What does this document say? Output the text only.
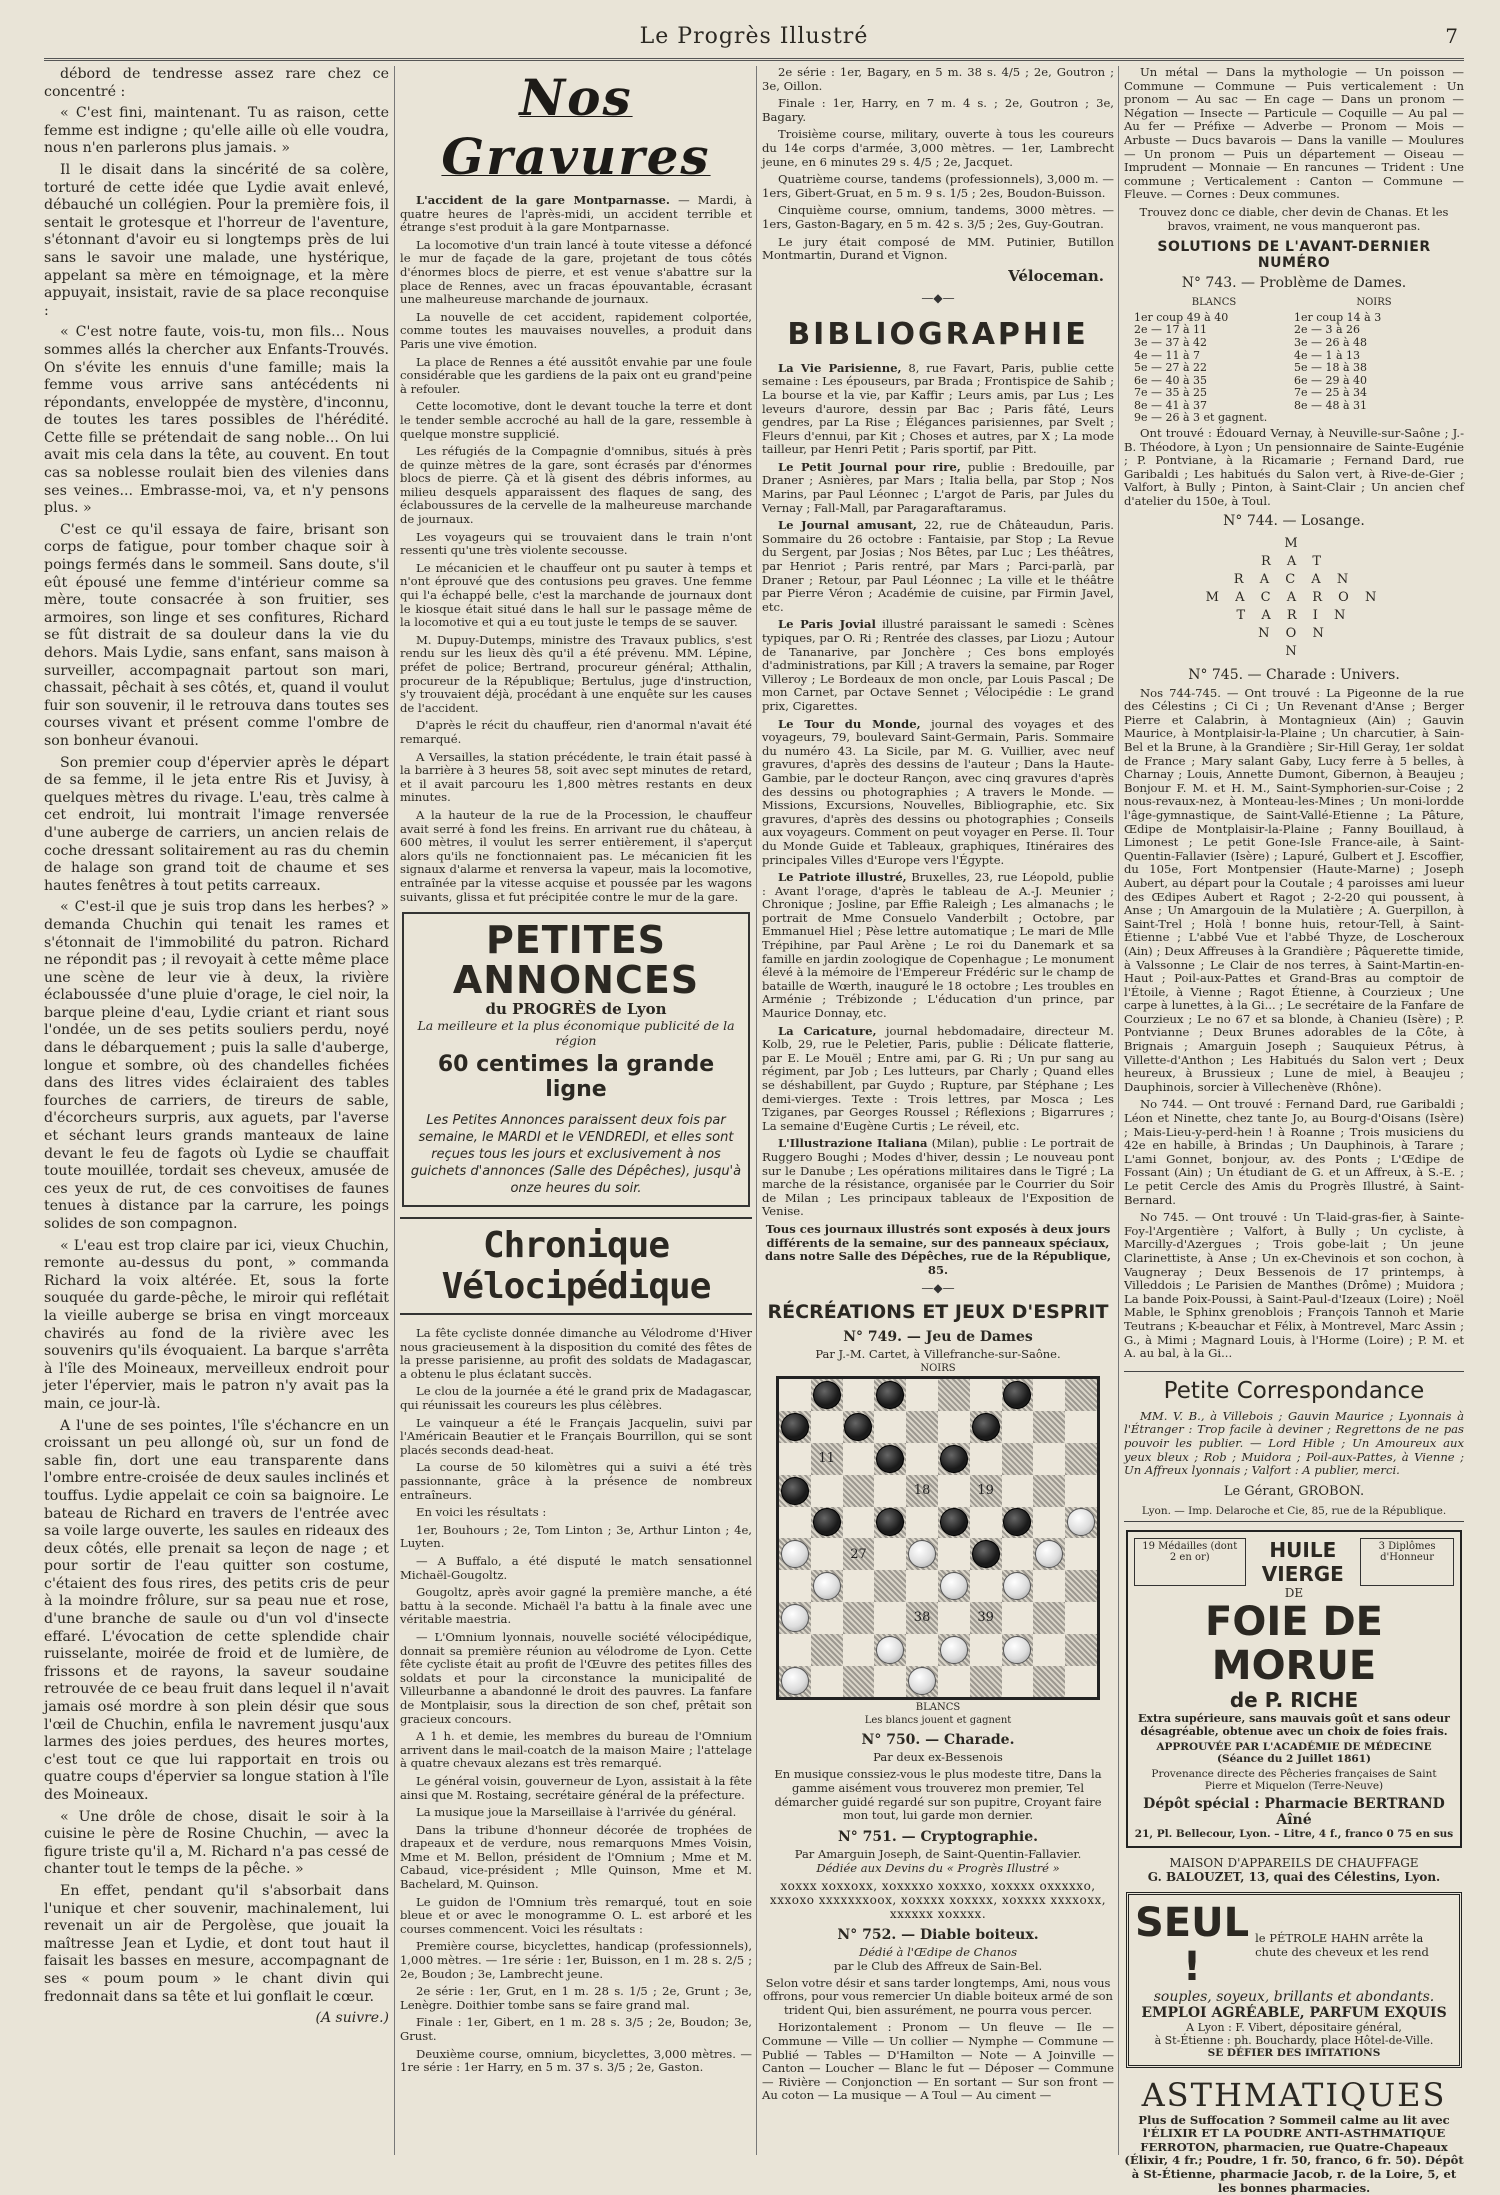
Le Progrès Illustré	7

débord de tendresse assez rare chez ce concentré :

« C'est fini, maintenant. Tu as raison, cette femme est indigne ; qu'elle aille où elle voudra, nous n'en parlerons plus jamais. »

Il le disait dans la sincérité de sa colère, torturé de cette idée que Lydie avait enlevé, débauché un collégien. Pour la première fois, il sentait le grotesque et l'horreur de l'aventure, s'étonnant d'avoir eu si longtemps près de lui sans le savoir une malade, une hystérique, appelant sa mère en témoignage, et la mère appuyait, insistait, ravie de sa place reconquise :

« C'est notre faute, vois-tu, mon fils... Nous sommes allés la chercher aux Enfants-Trouvés. On s'évite les ennuis d'une famille; mais la femme vous arrive sans antécédents ni répondants, enveloppée de mystère, d'inconnu, de toutes les tares possibles de l'hérédité. Cette fille se prétendait de sang noble... On lui avait mis cela dans la tête, au couvent. En tout cas sa noblesse roulait bien des vilenies dans ses veines... Embrasse-moi, va, et n'y pensons plus. »

C'est ce qu'il essaya de faire, brisant son corps de fatigue, pour tomber chaque soir à poings fermés dans le sommeil. Sans doute, s'il eût épousé une femme d'intérieur comme sa mère, toute consacrée à son fruitier, ses armoires, son linge et ses confitures, Richard se fût distrait de sa douleur dans la vie du dehors. Mais Lydie, sans enfant, sans maison à surveiller, accompagnait partout son mari, chassait, pêchait à ses côtés, et, quand il voulut fuir son souvenir, il le retrouva dans toutes ses courses vivant et présent comme l'ombre de son bonheur évanoui.

Son premier coup d'épervier après le départ de sa femme, il le jeta entre Ris et Juvisy, à quelques mètres du rivage. L'eau, très calme à cet endroit, lui montrait l'image renversée d'une auberge de carriers, un ancien relais de coche dressant solitairement au ras du chemin de halage son grand toit de chaume et ses hautes fenêtres à tout petits carreaux.

« C'est-il que je suis trop dans les herbes? » demanda Chuchin qui tenait les rames et s'étonnait de l'immobilité du patron. Richard ne répondit pas ; il revoyait à cette même place une scène de leur vie à deux, la rivière éclaboussée d'une pluie d'orage, le ciel noir, la barque pleine d'eau, Lydie criant et riant sous l'ondée, un de ses petits souliers perdu, noyé dans le débarquement ; puis la salle d'auberge, longue et sombre, où des chandelles fichées dans des litres vides éclairaient des tables fourches de carriers, de tireurs de sable, d'écorcheurs surpris, aux aguets, par l'averse et séchant leurs grands manteaux de laine devant le feu de fagots où Lydie se chauffait toute mouillée, tordait ses cheveux, amusée de ces yeux de rut, de ces convoitises de faunes tenues à distance par la carrure, les poings solides de son compagnon.

« L'eau est trop claire par ici, vieux Chuchin, remonte au-dessus du pont, » commanda Richard la voix altérée. Et, sous la forte souquée du garde-pêche, le miroir qui reflétait la vieille auberge se brisa en vingt morceaux chavirés au fond de la rivière avec les souvenirs qu'ils évoquaient. La barque s'arrêta à l'île des Moineaux, merveilleux endroit pour jeter l'épervier, mais le patron n'y avait pas la main, ce jour-là.

A l'une de ses pointes, l'île s'échancre en un croissant un peu allongé où, sur un fond de sable fin, dort une eau transparente dans l'ombre entre-croisée de deux saules inclinés et touffus. Lydie appelait ce coin sa baignoire. Le bateau de Richard en travers de l'entrée avec sa voile large ouverte, les saules en rideaux des deux côtés, elle prenait sa leçon de nage ; et pour sortir de l'eau quitter son costume, c'étaient des fous rires, des petits cris de peur à la moindre frôlure, sur sa peau nue et rose, d'une branche de saule ou d'un vol d'insecte effaré. L'évocation de cette splendide chair ruisselante, moirée de froid et de lumière, de frissons et de rayons, la saveur soudaine retrouvée de ce beau fruit dans lequel il n'avait jamais osé mordre à son plein désir que sous l'œil de Chuchin, enfila le navrement jusqu'aux larmes des joies perdues, des heures mortes, c'est tout ce que lui rapportait en trois ou quatre coups d'épervier sa longue station à l'île des Moineaux.

« Une drôle de chose, disait le soir à la cuisine le père de Rosine Chuchin, — avec la figure triste qu'il a, M. Richard n'a pas cessé de chanter tout le temps de la pêche. »

En effet, pendant qu'il s'absorbait dans l'unique et cher souvenir, machinalement, lui revenait un air de Pergolèse, que jouait la maîtresse Jean et Lydie, et dont tout haut il faisait les basses en mesure, accompagnant de ses « poum poum » le chant divin qui fredonnait dans sa tête et lui gonflait le cœur.

(A suivre.)
Nos Gravures

L'accident de la gare Montparnasse. — Mardi, à quatre heures de l'après-midi, un accident terrible et étrange s'est produit à la gare Montparnasse.

La locomotive d'un train lancé à toute vitesse a défoncé le mur de façade de la gare, projetant de tous côtés d'énormes blocs de pierre, et est venue s'abattre sur la place de Rennes, avec un fracas épouvantable, écrasant une malheureuse marchande de journaux.

La nouvelle de cet accident, rapidement colportée, comme toutes les mauvaises nouvelles, a produit dans Paris une vive émotion.

La place de Rennes a été aussitôt envahie par une foule considérable que les gardiens de la paix ont eu grand'peine à refouler.

Cette locomotive, dont le devant touche la terre et dont le tender semble accroché au hall de la gare, ressemble à quelque monstre supplicié.

Les réfugiés de la Compagnie d'omnibus, situés à près de quinze mètres de la gare, sont écrasés par d'énormes blocs de pierre. Çà et là gisent des débris informes, au milieu desquels apparaissent des flaques de sang, des éclaboussures de la cervelle de la malheureuse marchande de journaux.

Les voyageurs qui se trouvaient dans le train n'ont ressenti qu'une très violente secousse.

Le mécanicien et le chauffeur ont pu sauter à temps et n'ont éprouvé que des contusions peu graves. Une femme qui l'a échappé belle, c'est la marchande de journaux dont le kiosque était situé dans le hall sur le passage même de la locomotive et qui a eu tout juste le temps de se sauver.

M. Dupuy-Dutemps, ministre des Travaux publics, s'est rendu sur les lieux dès qu'il a été prévenu. MM. Lépine, préfet de police; Bertrand, procureur général; Atthalin, procureur de la République; Bertulus, juge d'instruction, s'y trouvaient déjà, procédant à une enquête sur les causes de l'accident.

D'après le récit du chauffeur, rien d'anormal n'avait été remarqué.

A Versailles, la station précédente, le train était passé à la barrière à 3 heures 58, soit avec sept minutes de retard, et il avait parcouru les 1,800 mètres restants en deux minutes.

A la hauteur de la rue de la Procession, le chauffeur avait serré à fond les freins. En arrivant rue du château, à 600 mètres, il voulut les serrer entièrement, il s'aperçut alors qu'ils ne fonctionnaient pas. Le mécanicien fit les signaux d'alarme et renversa la vapeur, mais la locomotive, entraînée par la vitesse acquise et poussée par les wagons suivants, glissa et fut précipitée contre le mur de la gare.

PETITES ANNONCES
du PROGRÈS de Lyon
La meilleure et la plus économique publicité de la région
60 centimes la grande ligne
Les Petites Annonces paraissent deux fois par semaine, le MARDI et le VENDREDI, et elles sont reçues tous les jours et exclusivement à nos guichets d'annonces (Salle des Dépêches), jusqu'à onze heures du soir.
Chronique Vélocipédique

La fête cycliste donnée dimanche au Vélodrome d'Hiver nous gracieusement à la disposition du comité des fêtes de la presse parisienne, au profit des soldats de Madagascar, a obtenu le plus éclatant succès.

Le clou de la journée a été le grand prix de Madagascar, qui réunissait les coureurs les plus célèbres.

Le vainqueur a été le Français Jacquelin, suivi par l'Américain Beautier et le Français Bourrillon, qui se sont placés seconds dead-heat.

La course de 50 kilomètres qui a suivi a été très passionnante, grâce à la présence de nombreux entraîneurs.

En voici les résultats :

1er, Bouhours ; 2e, Tom Linton ; 3e, Arthur Linton ; 4e, Luyten.

— A Buffalo, a été disputé le match sensationnel Michaël-Gougoltz.

Gougoltz, après avoir gagné la première manche, a été battu à la seconde. Michaël l'a battu à la finale avec une véritable maestria.

— L'Omnium lyonnais, nouvelle société vélocipédique, donnait sa première réunion au vélodrome de Lyon. Cette fête cycliste était au profit de l'Œuvre des petites filles des soldats et pour la circonstance la municipalité de Villeurbanne a abandonné le droit des pauvres. La fanfare de Montplaisir, sous la direction de son chef, prêtait son gracieux concours.

A 1 h. et demie, les membres du bureau de l'Omnium arrivent dans le mail-coatch de la maison Maire ; l'attelage à quatre chevaux alezans est très remarqué.

Le général voisin, gouverneur de Lyon, assistait à la fête ainsi que M. Rostaing, secrétaire général de la préfecture.

La musique joue la Marseillaise à l'arrivée du général.

Dans la tribune d'honneur décorée de trophées de drapeaux et de verdure, nous remarquons Mmes Voisin, Mme et M. Bellon, président de l'Omnium ; Mme et M. Cabaud, vice-président ; Mlle Quinson, Mme et M. Bachelard, M. Quinson.

Le guidon de l'Omnium très remarqué, tout en soie bleue et or avec le monogramme O. L. est arboré et les courses commencent. Voici les résultats :

Première course, bicyclettes, handicap (professionnels), 1,000 mètres. — 1re série : 1er, Buisson, en 1 m. 28 s. 2/5 ; 2e, Boudon ; 3e, Lambrecht jeune.

2e série : 1er, Grut, en 1 m. 28 s. 1/5 ; 2e, Grunt ; 3e, Lenègre. Doithier tombe sans se faire grand mal.

Finale : 1er, Gibert, en 1 m. 28 s. 3/5 ; 2e, Boudon; 3e, Grust.

Deuxième course, omnium, bicyclettes, 3,000 mètres. — 1re série : 1er Harry, en 5 m. 37 s. 3/5 ; 2e, Gaston.

2e série : 1er, Bagary, en 5 m. 38 s. 4/5 ; 2e, Goutron ; 3e, Oillon.

Finale : 1er, Harry, en 7 m. 4 s. ; 2e, Goutron ; 3e, Bagary.

Troisième course, military, ouverte à tous les coureurs du 14e corps d'armée, 3,000 mètres. — 1er, Lambrecht jeune, en 6 minutes 29 s. 4/5 ; 2e, Jacquet.

Quatrième course, tandems (professionnels), 3,000 m. — 1ers, Gibert-Gruat, en 5 m. 9 s. 1/5 ; 2es, Boudon-Buisson.

Cinquième course, omnium, tandems, 3000 mètres. — 1ers, Gaston-Bagary, en 5 m. 42 s. 3/5 ; 2es, Guy-Goutran.

Le jury était composé de MM. Putinier, Butillon Montmartin, Durand et Vignon.

Véloceman.
—◆—
BIBLIOGRAPHIE

La Vie Parisienne, 8, rue Favart, Paris, publie cette semaine : Les épouseurs, par Brada ; Frontispice de Sahib ; La bourse et la vie, par Kaffir ; Leurs amis, par Lus ; Les leveurs d'aurore, dessin par Bac ; Paris fâté, Leurs gendres, par La Rise ; Élégances parisiennes, par Svelt ; Fleurs d'ennui, par Kit ; Choses et autres, par X ; La mode tailleur, par Henri Petit ; Paris sportif, par Pitt.

Le Petit Journal pour rire, publie : Bredouille, par Draner ; Asnières, par Mars ; Italia bella, par Stop ; Nos Marins, par Paul Léonnec ; L'argot de Paris, par Jules du Vernay ; Fall-Mall, par Paragaraftaramus.

Le Journal amusant, 22, rue de Châteaudun, Paris. Sommaire du 26 octobre : Fantaisie, par Stop ; La Revue du Sergent, par Josias ; Nos Bêtes, par Luc ; Les théâtres, par Henriot ; Paris rentré, par Mars ; Parci-parlà, par Draner ; Retour, par Paul Léonnec ; La ville et le théâtre par Pierre Véron ; Académie de cuisine, par Firmin Javel, etc.

Le Paris Jovial illustré paraissant le samedi : Scènes typiques, par O. Ri ; Rentrée des classes, par Liozu ; Autour de Tananarive, par Jonchère ; Ces bons employés d'administrations, par Kill ; A travers la semaine, par Roger Villeroy ; Le Bordeaux de mon oncle, par Louis Pascal ; De mon Carnet, par Octave Sennet ; Vélocipédie : Le grand prix, Cigarettes.

Le Tour du Monde, journal des voyages et des voyageurs, 79, boulevard Saint-Germain, Paris. Sommaire du numéro 43. La Sicile, par M. G. Vuillier, avec neuf gravures, d'après des dessins de l'auteur ; Dans la Haute-Gambie, par le docteur Rançon, avec cinq gravures d'après des dessins ou photographies ; A travers le Monde. — Missions, Excursions, Nouvelles, Bibliographie, etc. Six gravures, d'après des dessins ou photographies ; Conseils aux voyageurs. Comment on peut voyager en Perse. Il. Tour du Monde Guide et Tableaux, graphiques, Itinéraires des principales Villes d'Europe vers l'Égypte.

Le Patriote illustré, Bruxelles, 23, rue Léopold, publie : Avant l'orage, d'après le tableau de A.-J. Meunier ; Chronique ; Josline, par Effie Raleigh ; Les almanachs ; le portrait de Mme Consuelo Vanderbilt ; Octobre, par Emmanuel Hiel ; Pèse lettre automatique ; Le mari de Mlle Trépihine, par Paul Arène ; Le roi du Danemark et sa famille en jardin zoologique de Copenhague ; Le monument élevé à la mémoire de l'Empereur Frédéric sur le champ de bataille de Wœrth, inauguré le 18 octobre ; Les troubles en Arménie ; Trébizonde ; L'éducation d'un prince, par Maurice Donnay, etc.

La Caricature, journal hebdomadaire, directeur M. Kolb, 29, rue le Peletier, Paris, publie : Délicate flatterie, par E. Le Mouël ; Entre ami, par G. Ri ; Un pur sang au régiment, par Job ; Les lutteurs, par Charly ; Quand elles se déshabillent, par Guydo ; Rupture, par Stéphane ; Les demi-vierges. Texte : Trois lettres, par Mosca ; Les Tziganes, par Georges Roussel ; Réflexions ; Bigarrures ; La semaine d'Eugène Curtis ; Le réveil, etc.

L'Illustrazione Italiana (Milan), publie : Le portrait de Ruggero Boughi ; Modes d'hiver, dessin ; Le nouveau pont sur le Danube ; Les opérations militaires dans le Tigré ; La marche de la résistance, organisée par le Courrier du Soir de Milan ; Les principaux tableaux de l'Exposition de Venise.

Tous ces journaux illustrés sont exposés à deux jours différents de la semaine, sur des panneaux spéciaux, dans notre Salle des Dépêches, rue de la République, 85.

—◆—
RÉCRÉATIONS ET JEUX D'ESPRIT
N° 749. — Jeu de Dames
Par J.-M. Cartet, à Villefranche-sur-Saône.
NOIRS
11
18	19
27
38	39
BLANCS
Les blancs jouent et gagnent
N° 750. — Charade.
Par deux ex-Bessenois
En musique conssiez-vous le plus modeste titre, Dans la gamme aisément vous trouverez mon premier, Tel démarcher guidé regardé sur son pupitre, Croyant faire mon tout, lui garde mon dernier.
N° 751. — Cryptographie.
Par Amarguin Joseph, de Saint-Quentin-Fallavier.
Dédiée aux Devins du « Progrès Illustré »
xoxxx xoxxoxx, xoxxxxo xoxxxo, xoxxxx oxxxxxo, xxxoxo xxxxxxxoox, xoxxxx xoxxxx, xoxxxx xxxxoxx, xxxxxx xoxxxx.
N° 752. — Diable boiteux.
Dédié à l'Œdipe de Chanos
par le Club des Affreux de Sain-Bel.
Selon votre désir et sans tarder longtemps, Ami, nous vous offrons, pour vous remercier Un diable boiteux armé de son trident Qui, bien assurément, ne pourra vous percer.

Horizontalement : Pronom — Un fleuve — Ile — Commune — Ville — Un collier — Nymphe — Commune — Publié — Tables — D'Hamilton — Note — A Joinville — Canton — Loucher — Blanc le fut — Déposer — Commune — Rivière — Conjonction — En sortant — Sur son front — Au coton — La musique — A Toul — Au ciment —

Un métal — Dans la mythologie — Un poisson — Commune — Commune — Puis verticalement : Un pronom — Au sac — En cage — Dans un pronom — Négation — Insecte — Particule — Coquille — Au pal — Au fer — Préfixe — Adverbe — Pronom — Mois — Arbuste — Ducs bavarois — Dans la vanille — Moulures — Un pronom — Puis un département — Oiseau — Imprudent — Monnaie — En rancunes — Trident : Une commune ; Verticalement : Canton — Commune — Fleuve. — Cornes : Deux communes.

Trouvez donc ce diable, cher devin de Chanas. Et les bravos, vraiment, ne vous manqueront pas.
SOLUTIONS DE L'AVANT-DERNIER NUMÉRO
N° 743. — Problème de Dames.
BLANCS	NOIRS
1er coup 49 à 40
2e — 17 à 11
3e — 37 à 42
4e — 11 à 7
5e — 27 à 22
6e — 40 à 35
7e — 35 à 25
8e — 41 à 37
9e — 26 à 3 et gagnent.
1er coup 14 à 3
2e — 3 à 26
3e — 26 à 48
4e — 1 à 13
5e — 18 à 38
6e — 29 à 40
7e — 25 à 34
8e — 48 à 31

Ont trouvé : Édouard Vernay, à Neuville-sur-Saône ; J.-B. Théodore, à Lyon ; Un pensionnaire de Sainte-Eugénie ; P. Pontviane, à la Ricamarie ; Fernand Dard, rue Garibaldi ; Les habitués du Salon vert, à Rive-de-Gier ; Valfort, à Bully ; Pinton, à Saint-Clair ; Un ancien chef d'atelier du 150e, à Toul.

N° 744. — Losange.
M
R A T
R A C A N
M A C A R O N
T A R I N
N O N
N
N° 745. — Charade : Univers.

Nos 744-745. — Ont trouvé : La Pigeonne de la rue des Célestins ; Ci Ci ; Un Revenant d'Anse ; Berger Pierre et Calabrin, à Montagnieux (Ain) ; Gauvin Maurice, à Montplaisir-la-Plaine ; Un charcutier, à Sain-Bel et la Brune, à la Grandière ; Sir-Hill Geray, 1er soldat de France ; Mary salant Gaby, Lucy ferre à 5 belles, à Charnay ; Louis, Annette Dumont, Gibernon, à Beaujeu ; Bonjour F. M. et H. M., Saint-Symphorien-sur-Coise ; 2 nous-revaux-nez, à Monteau-les-Mines ; Un moni-lordde l'âge-gymnastique, de Saint-Vallé-Etienne ; La Pâture, Œdipe de Montplaisir-la-Plaine ; Fanny Bouillaud, à Limonest ; Le petit Gone-Isle France-aile, à Saint-Quentin-Fallavier (Isère) ; Lapuré, Gulbert et J. Escoffier, du 105e, Fort Montpensier (Haute-Marne) ; Joseph Aubert, au départ pour la Coutale ; 4 paroisses ami lueur des Œdipes Aubert et Ragot ; 2-2-20 qui poussent, à Anse ; Un Amargouin de la Mulatière ; A. Guerpillon, à Saint-Trel ; Holà ! bonne huis, retour-Tell, à Saint-Étienne ; L'abbé Vue et l'abbé Thyze, de Loscheroux (Ain) ; Deux Affreuses à la Grandière ; Pâquerette timide, à Valssonne ; Le Clair de nos terres, à Saint-Martin-en-Haut ; Poil-aux-Pattes et Grand-Bras au comptoir de l'Étoile, à Vienne ; Ragot Étienne, à Courzieux ; Une carpe à lunettes, à la Gi... ; Le secrétaire de la Fanfare de Courzieux ; Le no 67 et sa blonde, à Chanieu (Isère) ; P. Pontvianne ; Deux Brunes adorables de la Côte, à Brignais ; Amarguin Joseph ; Sauquieux Pétrus, à Villette-d'Anthon ; Les Habitués du Salon vert ; Deux heureux, à Brussieux ; Lune de miel, à Beaujeu ; Dauphinois, sorcier à Villechenève (Rhône).

No 744. — Ont trouvé : Fernand Dard, rue Garibaldi ; Léon et Ninette, chez tante Jo, au Bourg-d'Oisans (Isère) ; Mais-Lieu-y-perd-hein ! à Roanne ; Trois musiciens du 42e en habille, à Brindas ; Un Dauphinois, à Tarare ; L'ami Gonnet, bonjour, av. des Ponts ; L'Œdipe de Fossant (Ain) ; Un étudiant de G. et un Affreux, à S.-E. ; Le petit Cercle des Amis du Progrès Illustré, à Saint-Bernard.

No 745. — Ont trouvé : Un T-laid-gras-fier, à Sainte-Foy-l'Argentière ; Valfort, à Bully ; Un cycliste, à Marcilly-d'Azergues ; Trois gobe-lait ; Un jeune Clarinettiste, à Anse ; Un ex-Chevinois et son cochon, à Vaugneray ; Deux Bessenois de 17 printemps, à Villeddois ; Le Parisien de Manthes (Drôme) ; Muidora ; La bande Poix-Poussi, à Saint-Paul-d'Izeaux (Loire) ; Noël Mable, le Sphinx grenoblois ; François Tannoh et Marie Teutrans ; K-beauchar et Félix, à Montrevel, Marc Assin ; G., à Mimi ; Magnard Louis, à l'Horme (Loire) ; P. M. et A. au bal, à la Gi...

Petite Correspondance

MM. V. B., à Villebois ; Gauvin Maurice ; Lyonnais à l'Étranger : Trop facile à deviner ; Regrettons de ne pas pouvoir les publier. — Lord Hible ; Un Amoureux aux yeux bleux ; Rob ; Muidora ; Poil-aux-Pattes, à Vienne ; Un Affreux lyonnais ; Valfort : A publier, merci.

Le Gérant, GROBON.
Lyon. — Imp. Delaroche et Cie, 85, rue de la République.
19 Médailles (dont 2 en or)	HUILE VIERGE
3 Diplômes d'Honneur
DE
FOIE DE MORUE
de P. RICHE
Extra supérieure, sans mauvais goût et sans odeur désagréable, obtenue avec un choix de foies frais.
APPROUVÉE PAR L'ACADÉMIE DE MÉDECINE (Séance du 2 Juillet 1861)
Provenance directe des Pêcheries françaises de Saint Pierre et Miquelon (Terre-Neuve)
Dépôt spécial : Pharmacie BERTRAND Aîné
21, Pl. Bellecour, Lyon. – Litre, 4 f., franco 0 75 en sus
MAISON D'APPAREILS DE CHAUFFAGE
G. BALOUZET, 13, quai des Célestins, Lyon.
SEUL !
le PÉTROLE HAHN arrête la chute des cheveux et les rend
souples, soyeux, brillants et abondants.
EMPLOI AGRÉABLE, PARFUM EXQUIS
A Lyon : F. Vibert, dépositaire général,
à St-Étienne : ph. Bouchardy, place Hôtel-de-Ville.
SE DÉFIER DES IMITATIONS
ASTHMATIQUES

Plus de Suffocation ? Sommeil calme au lit avec l'ÉLIXIR ET LA POUDRE ANTI-ASTHMATIQUE FERROTON, pharmacien, rue Quatre-Chapeaux (Élixir, 4 fr.; Poudre, 1 fr. 50, franco, 6 fr. 50). Dépôt à St-Étienne, pharmacie Jacob, r. de la Loire, 5, et les bonnes pharmacies.
